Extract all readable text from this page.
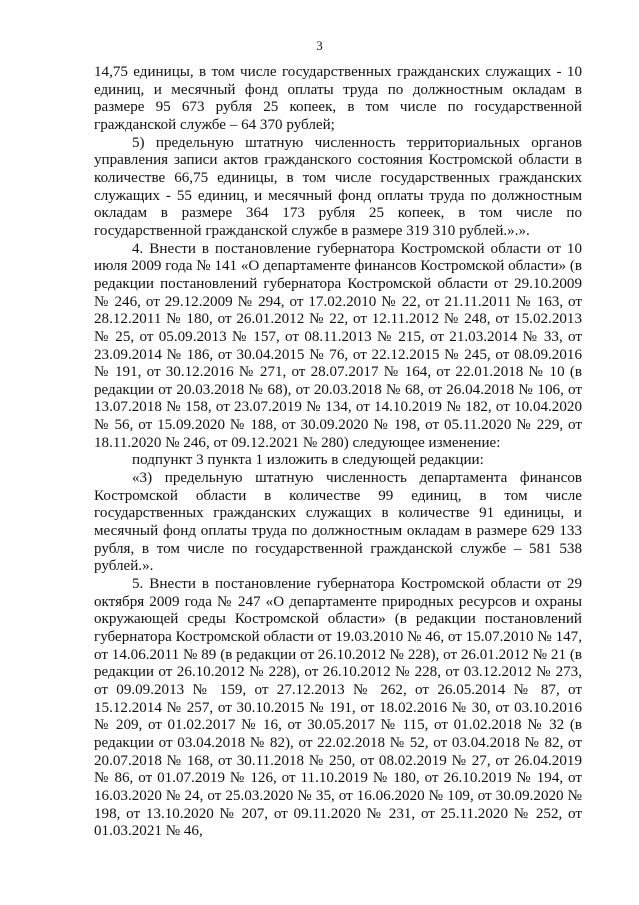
3

14,75 единицы, в том числе государственных гражданских служащих - 10 единиц, и месячный фонд оплаты труда по должностным окладам в размере 95 673 рубля 25 копеек, в том числе по государственной гражданской службе – 64 370 рублей;

5) предельную штатную численность территориальных органов управления записи актов гражданского состояния Костромской области в количестве 66,75 единицы, в том числе государственных гражданских служащих - 55 единиц, и месячный фонд оплаты труда по должностным окладам в размере 364 173 рубля 25 копеек, в том числе по государственной гражданской службе в размере 319 310 рублей.».».

4. Внести в постановление губернатора Костромской области от 10 июля 2009 года № 141 «О департаменте финансов Костромской области» (в редакции постановлений губернатора Костромской области от 29.10.2009 № 246, от 29.12.2009 № 294, от 17.02.2010 № 22, от 21.11.2011 № 163, от 28.12.2011 № 180, от 26.01.2012 № 22, от 12.11.2012 № 248, от 15.02.2013 № 25, от 05.09.2013 № 157, от 08.11.2013 № 215, от 21.03.2014 № 33, от 23.09.2014 № 186, от 30.04.2015 № 76, от 22.12.2015 № 245, от 08.09.2016 № 191, от 30.12.2016 № 271, от 28.07.2017 № 164, от 22.01.2018 № 10 (в редакции от 20.03.2018 № 68), от 20.03.2018 № 68, от 26.04.2018 № 106, от 13.07.2018 № 158, от 23.07.2019 № 134, от 14.10.2019 № 182, от 10.04.2020 № 56, от 15.09.2020 № 188, от 30.09.2020 № 198, от 05.11.2020 № 229, от 18.11.2020 № 246, от 09.12.2021 № 280) следующее изменение:

подпункт 3 пункта 1 изложить в следующей редакции:

«3) предельную штатную численность департамента финансов Костромской области в количестве 99 единиц, в том числе государственных гражданских служащих в количестве 91 единицы, и месячный фонд оплаты труда по должностным окладам в размере 629 133 рубля, в том числе по государственной гражданской службе – 581 538 рублей.».

5. Внести в постановление губернатора Костромской области от 29 октября 2009 года № 247 «О департаменте природных ресурсов и охраны окружающей среды Костромской области» (в редакции постановлений губернатора Костромской области от 19.03.2010 № 46, от 15.07.2010 № 147, от 14.06.2011 № 89 (в редакции от 26.10.2012 № 228), от 26.01.2012 № 21 (в редакции от 26.10.2012 № 228), от 26.10.2012 № 228, от 03.12.2012 № 273, от 09.09.2013 № 159, от 27.12.2013 № 262, от 26.05.2014 № 87, от 15.12.2014 № 257, от 30.10.2015 № 191, от 18.02.2016 № 30, от 03.10.2016 № 209, от 01.02.2017 № 16, от 30.05.2017 № 115, от 01.02.2018 № 32 (в редакции от 03.04.2018 № 82), от 22.02.2018 № 52, от 03.04.2018 № 82, от 20.07.2018 № 168, от 30.11.2018 № 250, от 08.02.2019 № 27, от 26.04.2019 № 86, от 01.07.2019 № 126, от 11.10.2019 № 180, от 26.10.2019 № 194, от 16.03.2020 № 24, от 25.03.2020 № 35, от 16.06.2020 № 109, от 30.09.2020 № 198, от 13.10.2020 № 207, от 09.11.2020 № 231, от 25.11.2020 № 252, от 01.03.2021 № 46,
